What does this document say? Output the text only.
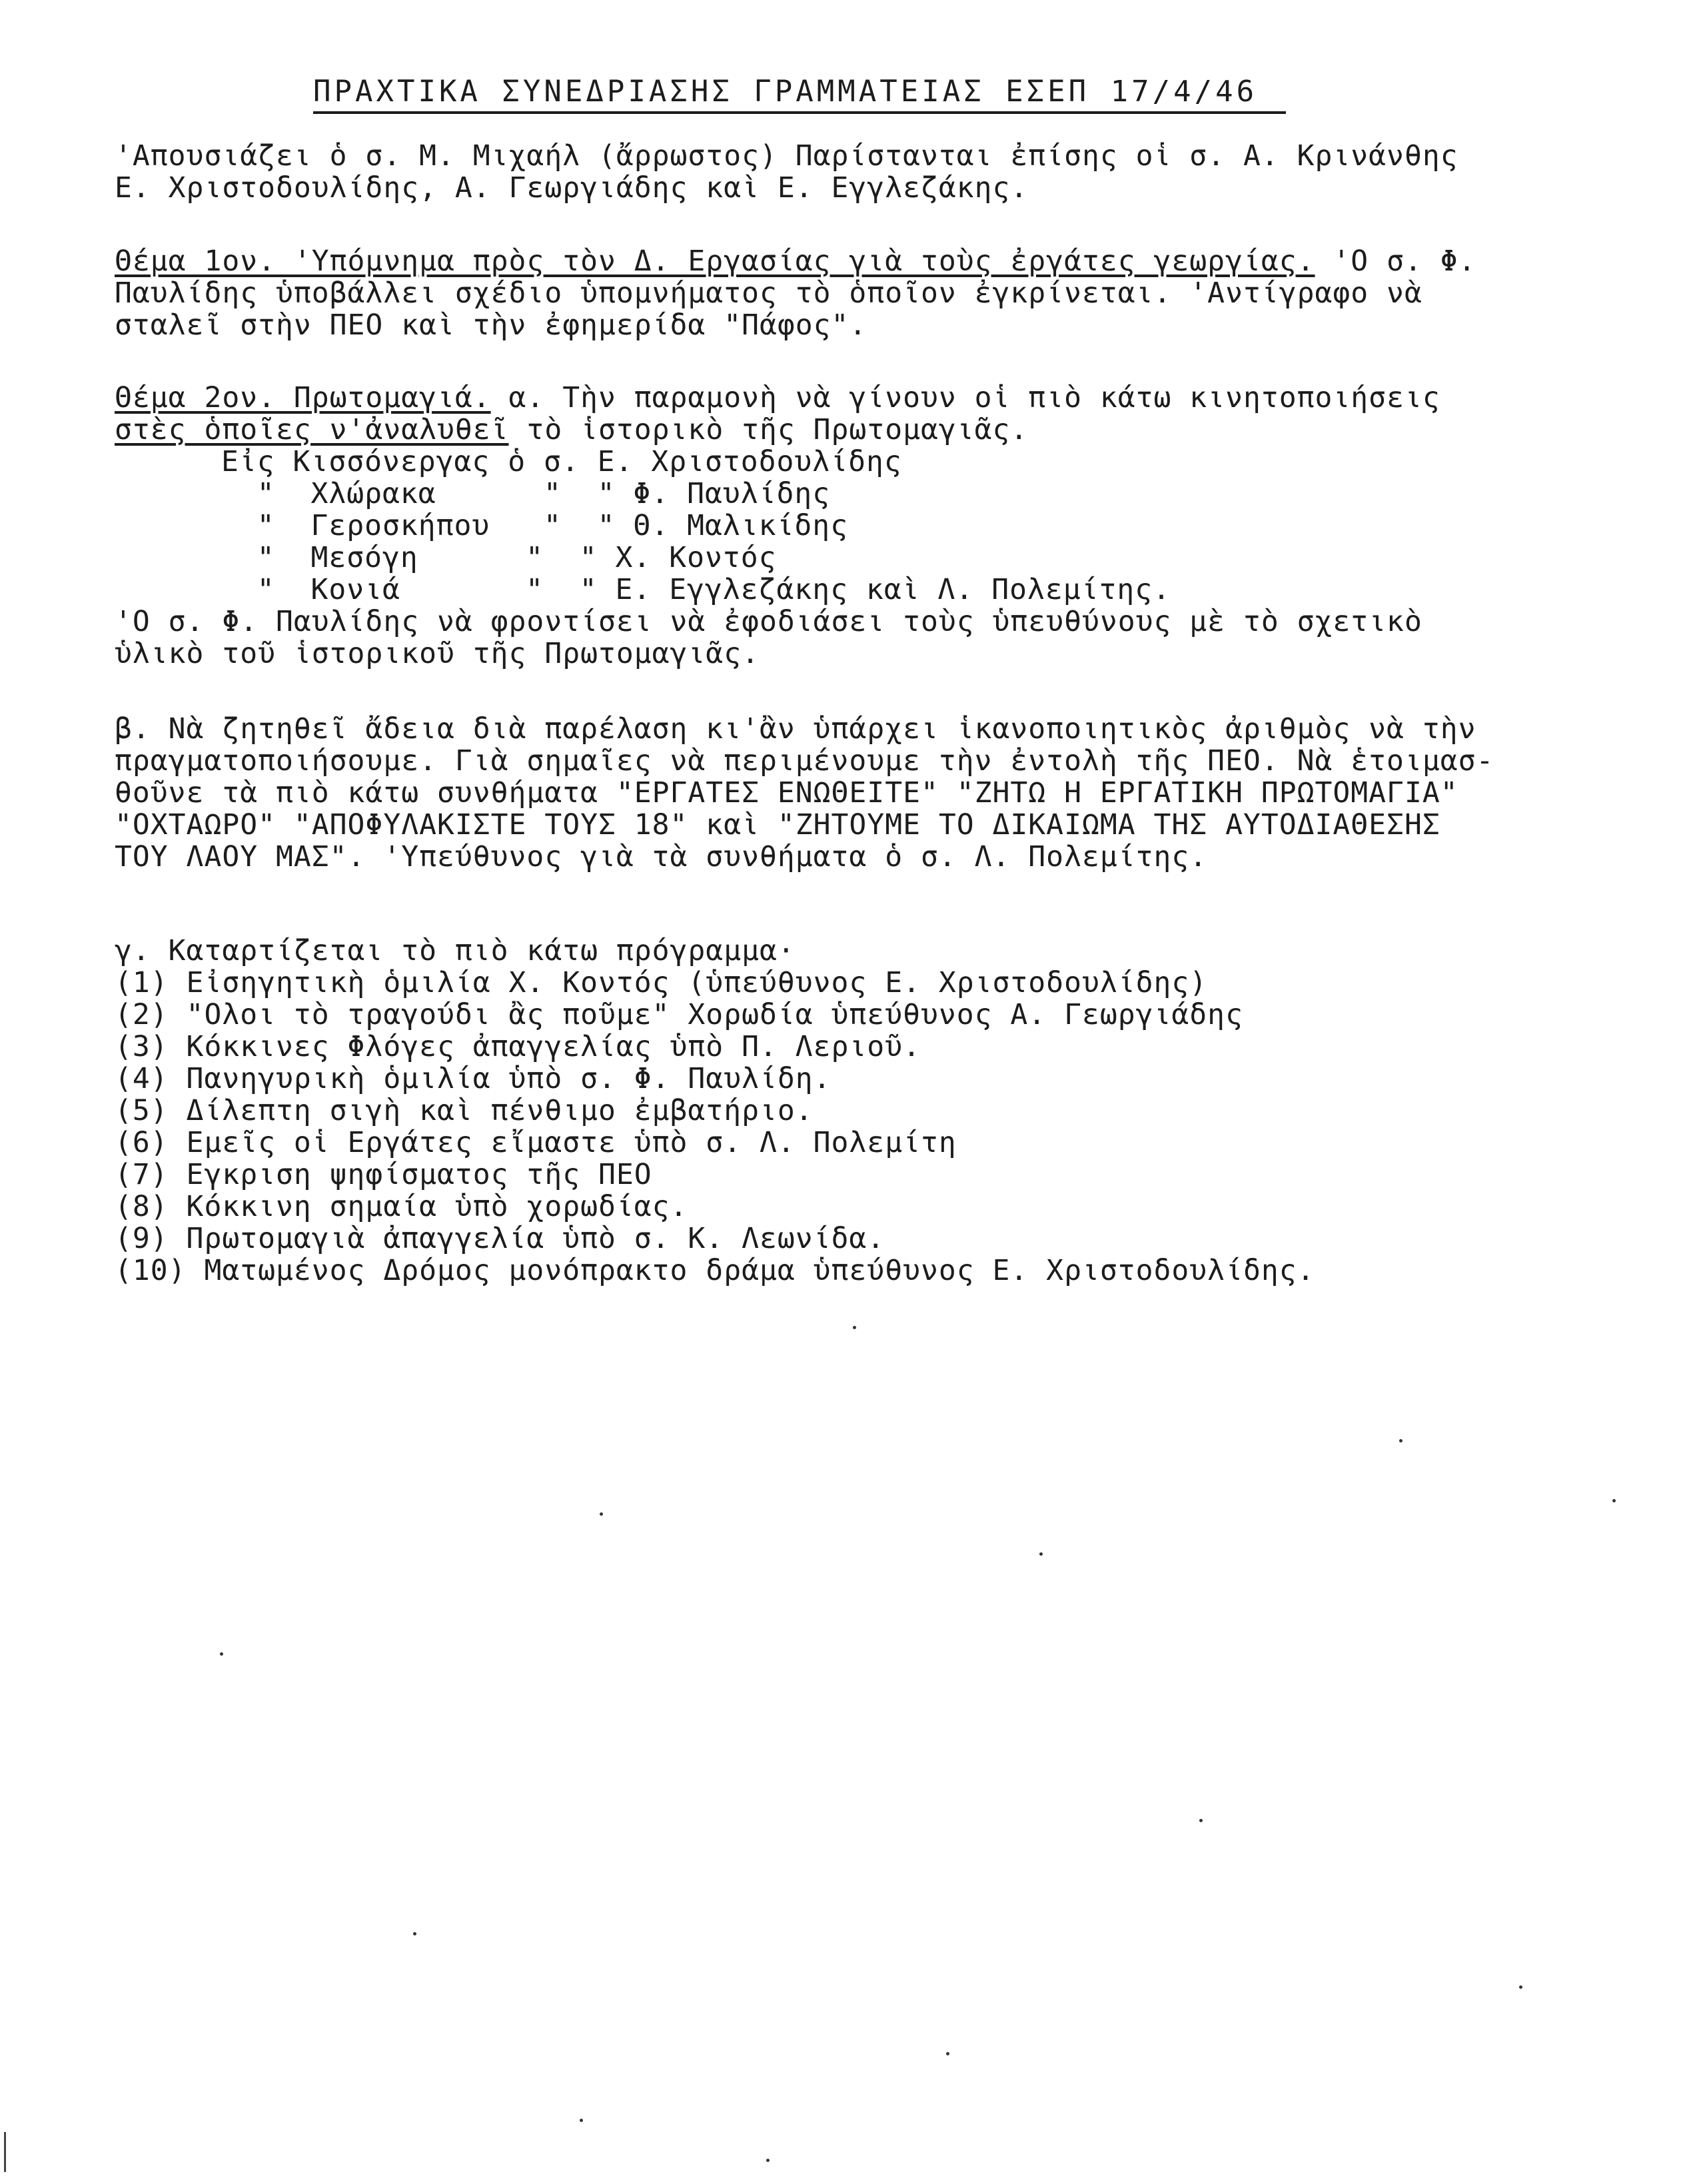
ΠΡΑΧΤΙΚΑ ΣΥΝΕΔΡΙΑΣΗΣ ΓΡΑΜΜΑΤΕΙΑΣ ΕΣΕΠ 17/4/46
'Απουσιάζει ὁ σ. Μ. Μιχαήλ (ἄρρωστος) Παρίστανται ἐπίσης οἱ σ. Α. Κρινάνθης
Ε. Χριστοδουλίδης, Α. Γεωργιάδης καὶ Ε. Εγγλεζάκης.
Θέμα 1ον. 'Υπόμνημα πρὸς τὸν Δ. Εργασίας γιὰ τοὺς ἐργάτες γεωργίας. 'Ο σ. Φ.
Παυλίδης ὑποβάλλει σχέδιο ὑπομνήματος τὸ ὁποῖον ἐγκρίνεται. 'Αντίγραφο νὰ
σταλεῖ στὴν ΠΕΟ καὶ τὴν ἐφημερίδα "Πάφος".
Θέμα 2ον. Πρωτομαγιά. α. Τὴν παραμονὴ νὰ γίνουν οἱ πιὸ κάτω κινητοποιήσεις
στὲς ὁποῖες ν'ἀναλυθεῖ τὸ ἱστορικὸ τῆς Πρωτομαγιᾶς.
Εἰς Κισσόνεργας ὁ σ. Ε. Χριστοδουλίδης
"  Χλώρακα      "  " Φ. Παυλίδης
"  Γεροσκήπου   "  " Θ. Μαλικίδης
"  Μεσόγη      "  " Χ. Κοντός
"  Κονιά       "  " Ε. Εγγλεζάκης καὶ Λ. Πολεμίτης.
'Ο σ. Φ. Παυλίδης νὰ φροντίσει νὰ ἐφοδιάσει τοὺς ὑπευθύνους μὲ τὸ σχετικὸ
ὑλικὸ τοῦ ἱστορικοῦ τῆς Πρωτομαγιᾶς.
β. Νὰ ζητηθεῖ ἄδεια διὰ παρέλαση κι'ἂν ὑπάρχει ἱκανοποιητικὸς ἀριθμὸς νὰ τὴν
πραγματοποιήσουμε. Γιὰ σημαῖες νὰ περιμένουμε τὴν ἐντολὴ τῆς ΠΕΟ. Νὰ ἑτοιμασ-
θοῦνε τὰ πιὸ κάτω συνθήματα "ΕΡΓΑΤΕΣ ΕΝΩΘΕΙΤΕ" "ΖΗΤΩ Η ΕΡΓΑΤΙΚΗ ΠΡΩΤΟΜΑΓΙΑ"
"ΟΧΤΑΩΡΟ" "ΑΠΟΦΥΛΑΚΙΣΤΕ ΤΟΥΣ 18" καὶ "ΖΗΤΟΥΜΕ ΤΟ ΔΙΚΑΙΩΜΑ ΤΗΣ ΑΥΤΟΔΙΑΘΕΣΗΣ
ΤΟΥ ΛΑΟΥ ΜΑΣ". 'Υπεύθυνος γιὰ τὰ συνθήματα ὁ σ. Λ. Πολεμίτης.
γ. Καταρτίζεται τὸ πιὸ κάτω πρόγραμμα·
(1) Εἰσηγητικὴ ὁμιλία Χ. Κοντός (ὑπεύθυνος Ε. Χριστοδουλίδης)
(2) "Ολοι τὸ τραγούδι ἂς ποῦμε" Χορωδία ὑπεύθυνος Α. Γεωργιάδης
(3) Κόκκινες Φλόγες ἀπαγγελίας ὑπὸ Π. Λεριοῦ.
(4) Πανηγυρικὴ ὁμιλία ὑπὸ σ. Φ. Παυλίδη.
(5) Δίλεπτη σιγὴ καὶ πένθιμο ἐμβατήριο.
(6) Εμεῖς οἱ Εργάτες εἴμαστε ὑπὸ σ. Λ. Πολεμίτη
(7) Εγκριση ψηφίσματος τῆς ΠΕΟ
(8) Κόκκινη σημαία ὑπὸ χορωδίας.
(9) Πρωτομαγιὰ ἀπαγγελία ὑπὸ σ. Κ. Λεωνίδα.
(10) Ματωμένος Δρόμος μονόπρακτο δράμα ὑπεύθυνος Ε. Χριστοδουλίδης.
